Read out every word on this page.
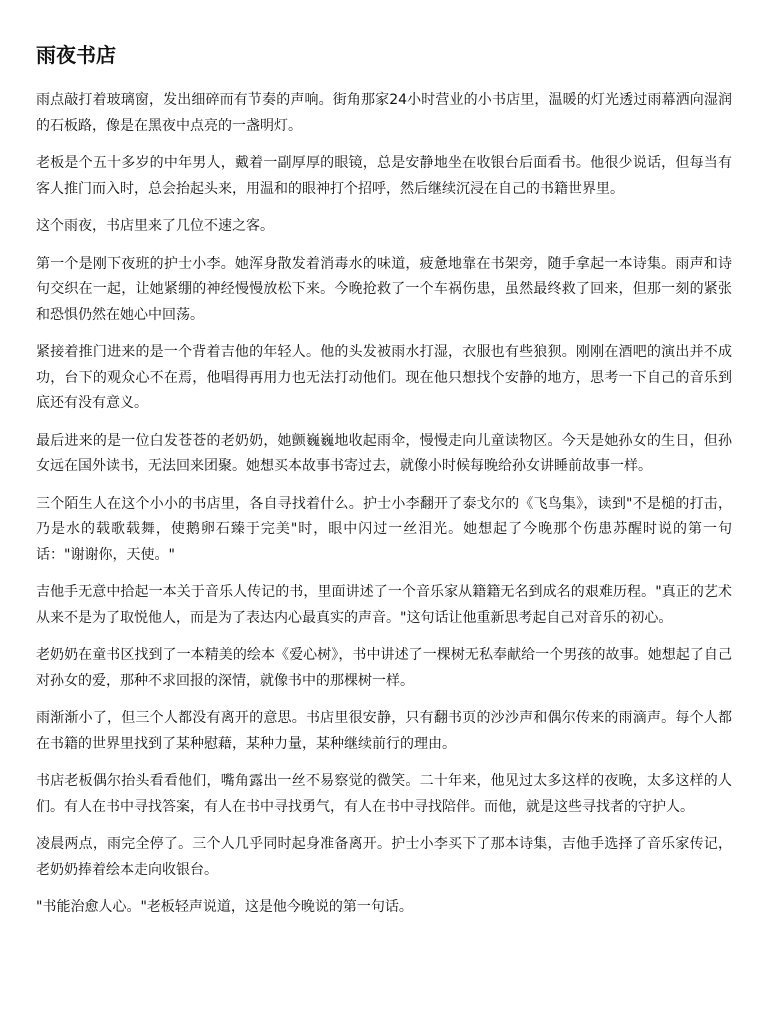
雨夜书店

雨点敲打着玻璃窗，发出细碎而有节奏的声响。街角那家24小时营业的小书店里，温暖的灯光透过雨幕洒向湿润的石板路，像是在黑夜中点亮的一盏明灯。

老板是个五十多岁的中年男人，戴着一副厚厚的眼镜，总是安静地坐在收银台后面看书。他很少说话，但每当有客人推门而入时，总会抬起头来，用温和的眼神打个招呼，然后继续沉浸在自己的书籍世界里。

这个雨夜，书店里来了几位不速之客。

第一个是刚下夜班的护士小李。她浑身散发着消毒水的味道，疲惫地靠在书架旁，随手拿起一本诗集。雨声和诗句交织在一起，让她紧绷的神经慢慢放松下来。今晚抢救了一个车祸伤患，虽然最终救了回来，但那一刻的紧张和恐惧仍然在她心中回荡。

紧接着推门进来的是一个背着吉他的年轻人。他的头发被雨水打湿，衣服也有些狼狈。刚刚在酒吧的演出并不成功，台下的观众心不在焉，他唱得再用力也无法打动他们。现在他只想找个安静的地方，思考一下自己的音乐到底还有没有意义。

最后进来的是一位白发苍苍的老奶奶，她颤巍巍地收起雨伞，慢慢走向儿童读物区。今天是她孙女的生日，但孙女远在国外读书，无法回来团聚。她想买本故事书寄过去，就像小时候每晚给孙女讲睡前故事一样。

三个陌生人在这个小小的书店里，各自寻找着什么。护士小李翻开了泰戈尔的《飞鸟集》，读到"不是槌的打击，乃是水的载歌载舞，使鹅卵石臻于完美"时，眼中闪过一丝泪光。她想起了今晚那个伤患苏醒时说的第一句话："谢谢你，天使。"

吉他手无意中拾起一本关于音乐人传记的书，里面讲述了一个音乐家从籍籍无名到成名的艰难历程。"真正的艺术从来不是为了取悦他人，而是为了表达内心最真实的声音。"这句话让他重新思考起自己对音乐的初心。

老奶奶在童书区找到了一本精美的绘本《爱心树》，书中讲述了一棵树无私奉献给一个男孩的故事。她想起了自己对孙女的爱，那种不求回报的深情，就像书中的那棵树一样。

雨渐渐小了，但三个人都没有离开的意思。书店里很安静，只有翻书页的沙沙声和偶尔传来的雨滴声。每个人都在书籍的世界里找到了某种慰藉，某种力量，某种继续前行的理由。

书店老板偶尔抬头看看他们，嘴角露出一丝不易察觉的微笑。二十年来，他见过太多这样的夜晚，太多这样的人们。有人在书中寻找答案，有人在书中寻找勇气，有人在书中寻找陪伴。而他，就是这些寻找者的守护人。

凌晨两点，雨完全停了。三个人几乎同时起身准备离开。护士小李买下了那本诗集，吉他手选择了音乐家传记，老奶奶捧着绘本走向收银台。

"书能治愈人心。"老板轻声说道，这是他今晚说的第一句话。
